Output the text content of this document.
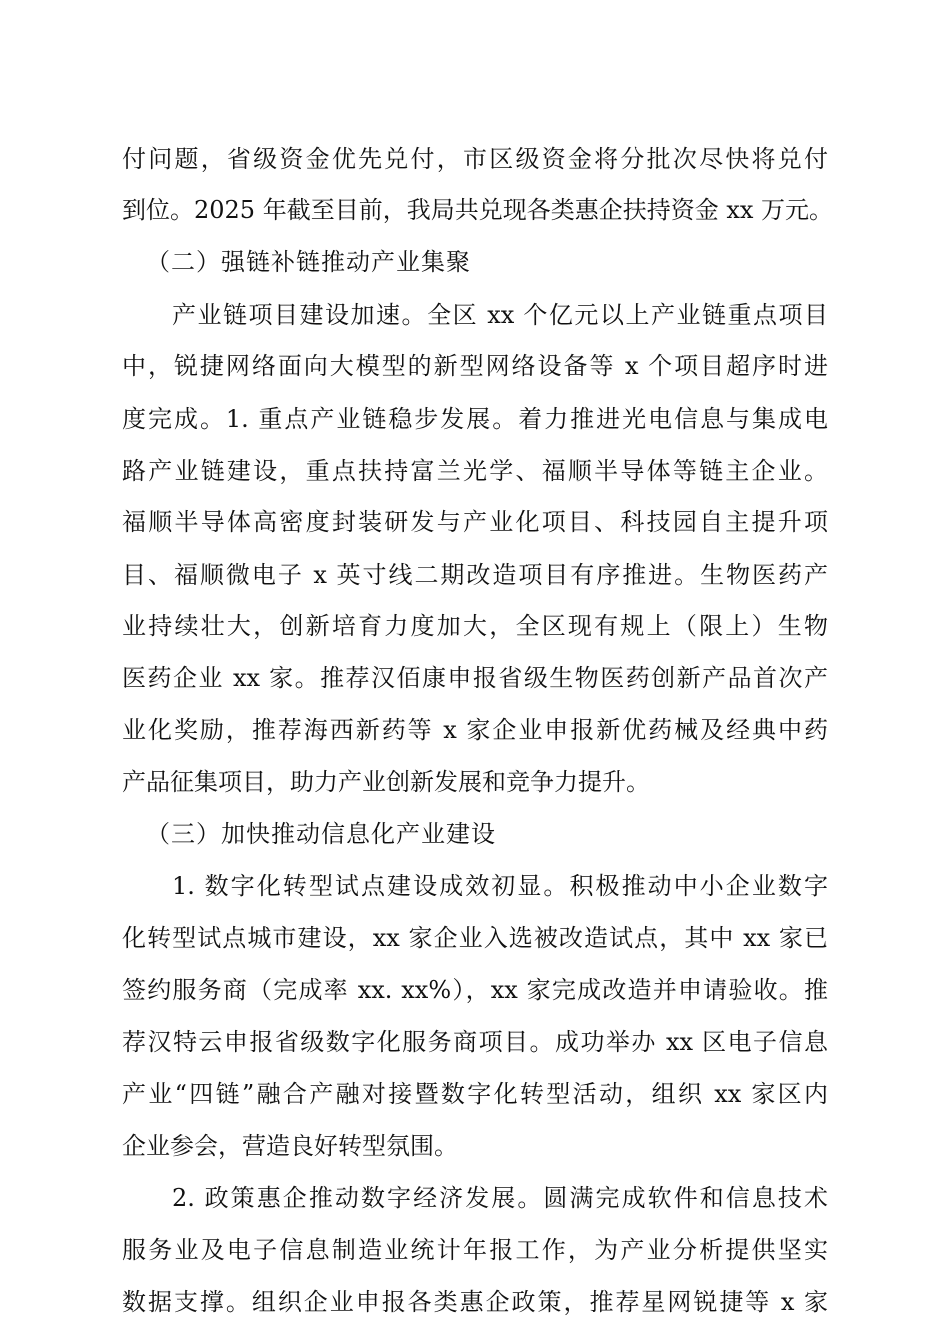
付问题，省级资金优先兑付，市区级资金将分批次尽快将兑付
到位。2025 年截至目前，我局共兑现各类惠企扶持资金 xx 万元。
（二）强链补链推动产业集聚
产业链项目建设加速。全区 xx 个亿元以上产业链重点项目
中，锐捷网络面向大模型的新型网络设备等 x 个项目超序时进
度完成。1. 重点产业链稳步发展。着力推进光电信息与集成电
路产业链建设，重点扶持富兰光学、福顺半导体等链主企业。
福顺半导体高密度封装研发与产业化项目、科技园自主提升项
目、福顺微电子 x 英寸线二期改造项目有序推进。生物医药产
业持续壮大，创新培育力度加大，全区现有规上（限上）生物
医药企业 xx 家。推荐汉佰康申报省级生物医药创新产品首次产
业化奖励，推荐海西新药等 x 家企业申报新优药械及经典中药
产品征集项目，助力产业创新发展和竞争力提升。
（三）加快推动信息化产业建设
1. 数字化转型试点建设成效初显。积极推动中小企业数字
化转型试点城市建设，xx 家企业入选被改造试点，其中 xx 家已
签约服务商（完成率 xx. xx%），xx 家完成改造并申请验收。推
荐汉特云申报省级数字化服务商项目。成功举办 xx 区电子信息
产业“四链”融合产融对接暨数字化转型活动，组织 xx 家区内
企业参会，营造良好转型氛围。
2. 政策惠企推动数字经济发展。圆满完成软件和信息技术
服务业及电子信息制造业统计年报工作，为产业分析提供坚实
数据支撑。组织企业申报各类惠企政策，推荐星网锐捷等 x 家
